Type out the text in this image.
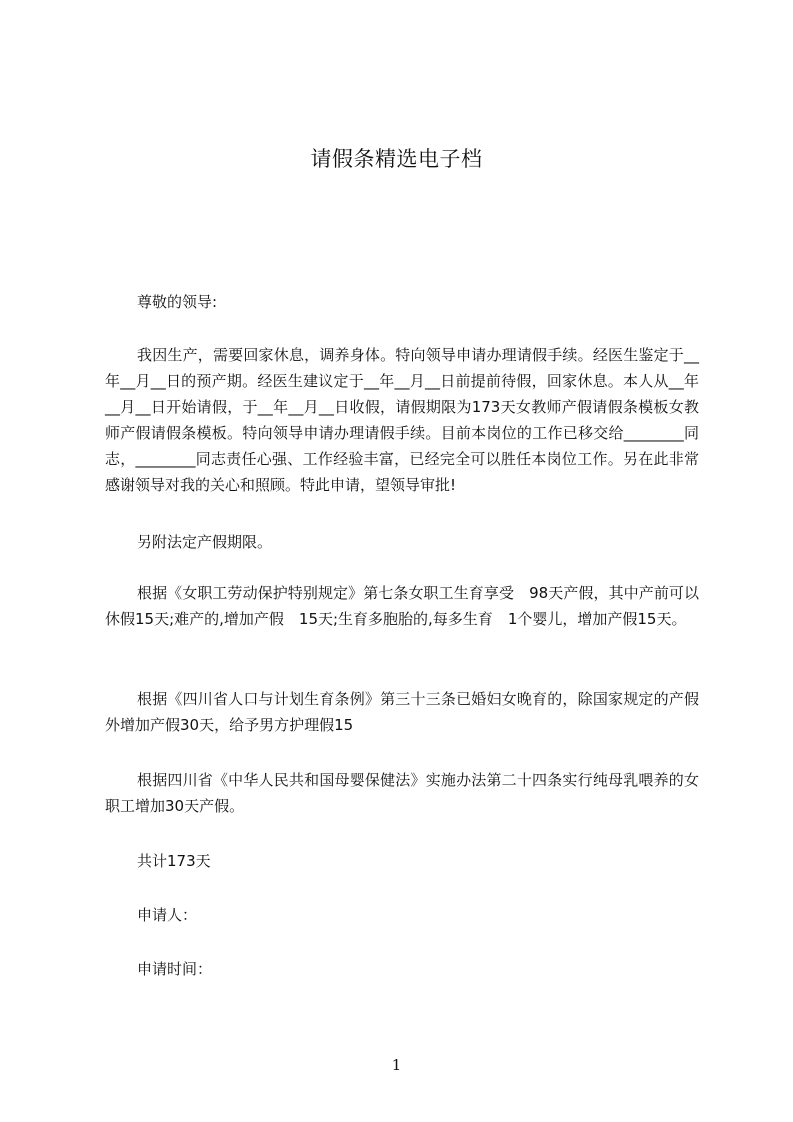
请假条精选电子档

尊敬的领导:

我因生产，需要回家休息，调养身体。特向领导申请办理请假手续。经医生鉴定于__年__月__日的预产期。经医生建议定于__年__月__日前提前待假，回家休息。本人从__年__月__日开始请假，于__年__月__日收假，请假期限为173天女教师产假请假条模板女教师产假请假条模板。特向领导申请办理请假手续。目前本岗位的工作已移交给________同志，________同志责任心强、工作经验丰富，已经完全可以胜任本岗位工作。另在此非常感谢领导对我的关心和照顾。特此申请，望领导审批!

另附法定产假期限。

根据《女职工劳动保护特别规定》第七条女职工生育享受　98天产假，其中产前可以休假15天;难产的,增加产假　15天;生育多胞胎的,每多生育　1个婴儿，增加产假15天。

根据《四川省人口与计划生育条例》第三十三条已婚妇女晚育的，除国家规定的产假外增加产假30天，给予男方护理假15

根据四川省《中华人民共和国母婴保健法》实施办法第二十四条实行纯母乳喂养的女职工增加30天产假。

共计173天

申请人：

申请时间：

1
